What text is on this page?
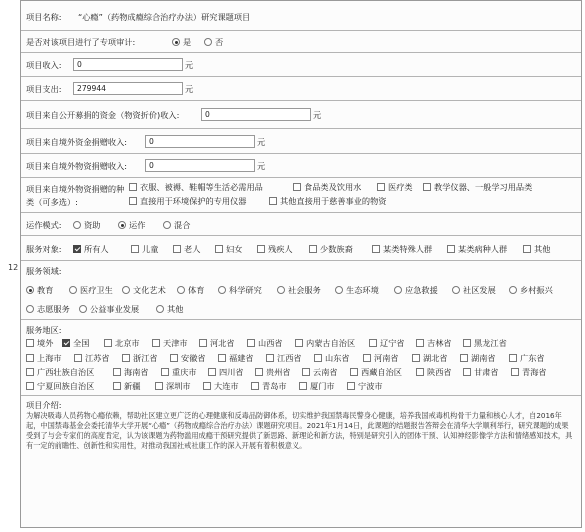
12
项目名称: “心瘾”（药物成瘾综合治疗办法）研究课题项目
是否对该项目进行了专项审计:	是	否
项目收入:	0	元
项目支出:	279944	元
项目来自公开募捐的资金（物资折价)收入:	0	元
项目来自境外资金捐赠收入:	0	元
项目来自境外物资捐赠收入:	0	元
项目来自境外物资捐赠的种
类（可多选）:
衣服、被褥、鞋帽等生活必需用品	食品类及饮用水	医疗类	教学仪器、一般学习用品类
直接用于环境保护的专用仪器	其他直接用于慈善事业的物资
运作模式:	资助	运作	混合
服务对象:	所有人	儿童	老人	妇女	残疾人	少数族裔	某类特殊人群	某类病种人群	其他
服务领域:
教育	医疗卫生 文化艺术	体育	科学研究	社会服务	生态环境	应急救援	社区发展	乡村振兴
志愿服务 公益事业发展	其他
服务地区:
境外 全国	北京市	天津市	河北省	山西省	内蒙古自治区	辽宁省	吉林省	黑龙江省
上海市	江苏省	浙江省	安徽省	福建省	江西省	山东省	河南省	湖北省	湖南省	广东省
广西壮族自治区	海南省	重庆市	四川省	贵州省	云南省	西藏自治区	陕西省	甘肃省	青海省
宁夏回族自治区	新疆	深圳市	大连市	青岛市	厦门市	宁波市
项目介绍:
为解决吸毒人员药物心瘾依赖，帮助社区建立更广泛的心理健康和反毒品防御体系，切实维护我国禁毒民警身心健康，培养我国戒毒机构骨干力量和核心人才，自2016年起，中国禁毒基金会委托清华大学开展“心瘾”（药物成瘾综合治疗办法）课题研究项目。2021年1月14日，此课题的结题报告答辩会在清华大学顺利举行，研究课题的成果受到了与会专家们的高度肯定，认为该课题为药物滥用成瘾干预研究提供了新思路、新理论和新方法，特别是研究引入的团体干预、认知神经影像学方法和情绪感知技术，具有一定的前瞻性、创新性和实用性，对推动我国社戒社康工作的深入开展有着积极意义。
